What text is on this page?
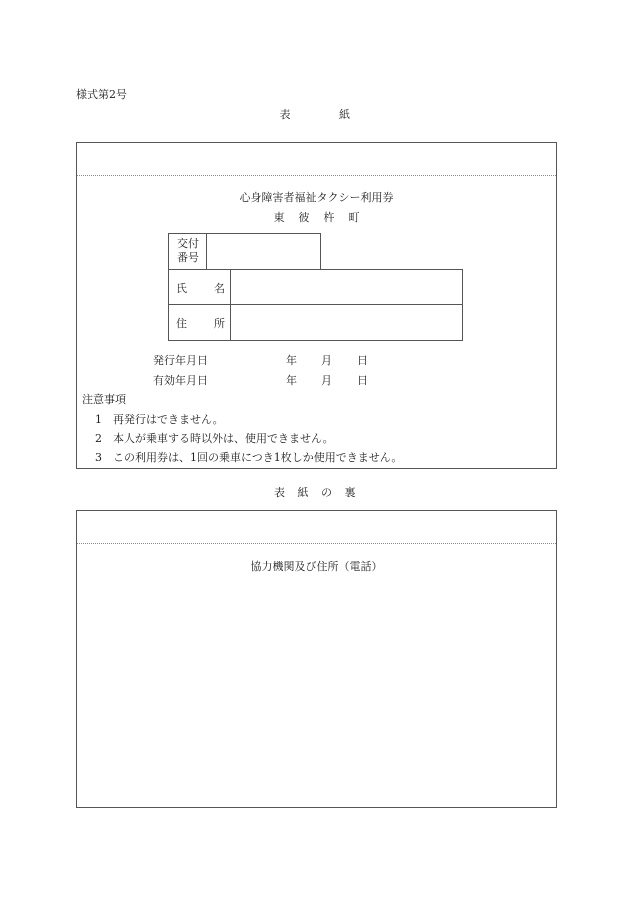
様式第2号
表	紙
心身障害者福祉タクシー利用券
東 彼 杵 町
交付
番号
氏 名
住 所
発行年月日	年 月 日
有効年月日	年 月 日
注意事項
1 再発行はできません。
2 本人が乗車する時以外は、使用できません。
3 この利用券は、1回の乗車につき1枚しか使用できません。
表 紙 の 裏
協力機関及び住所（電話）
